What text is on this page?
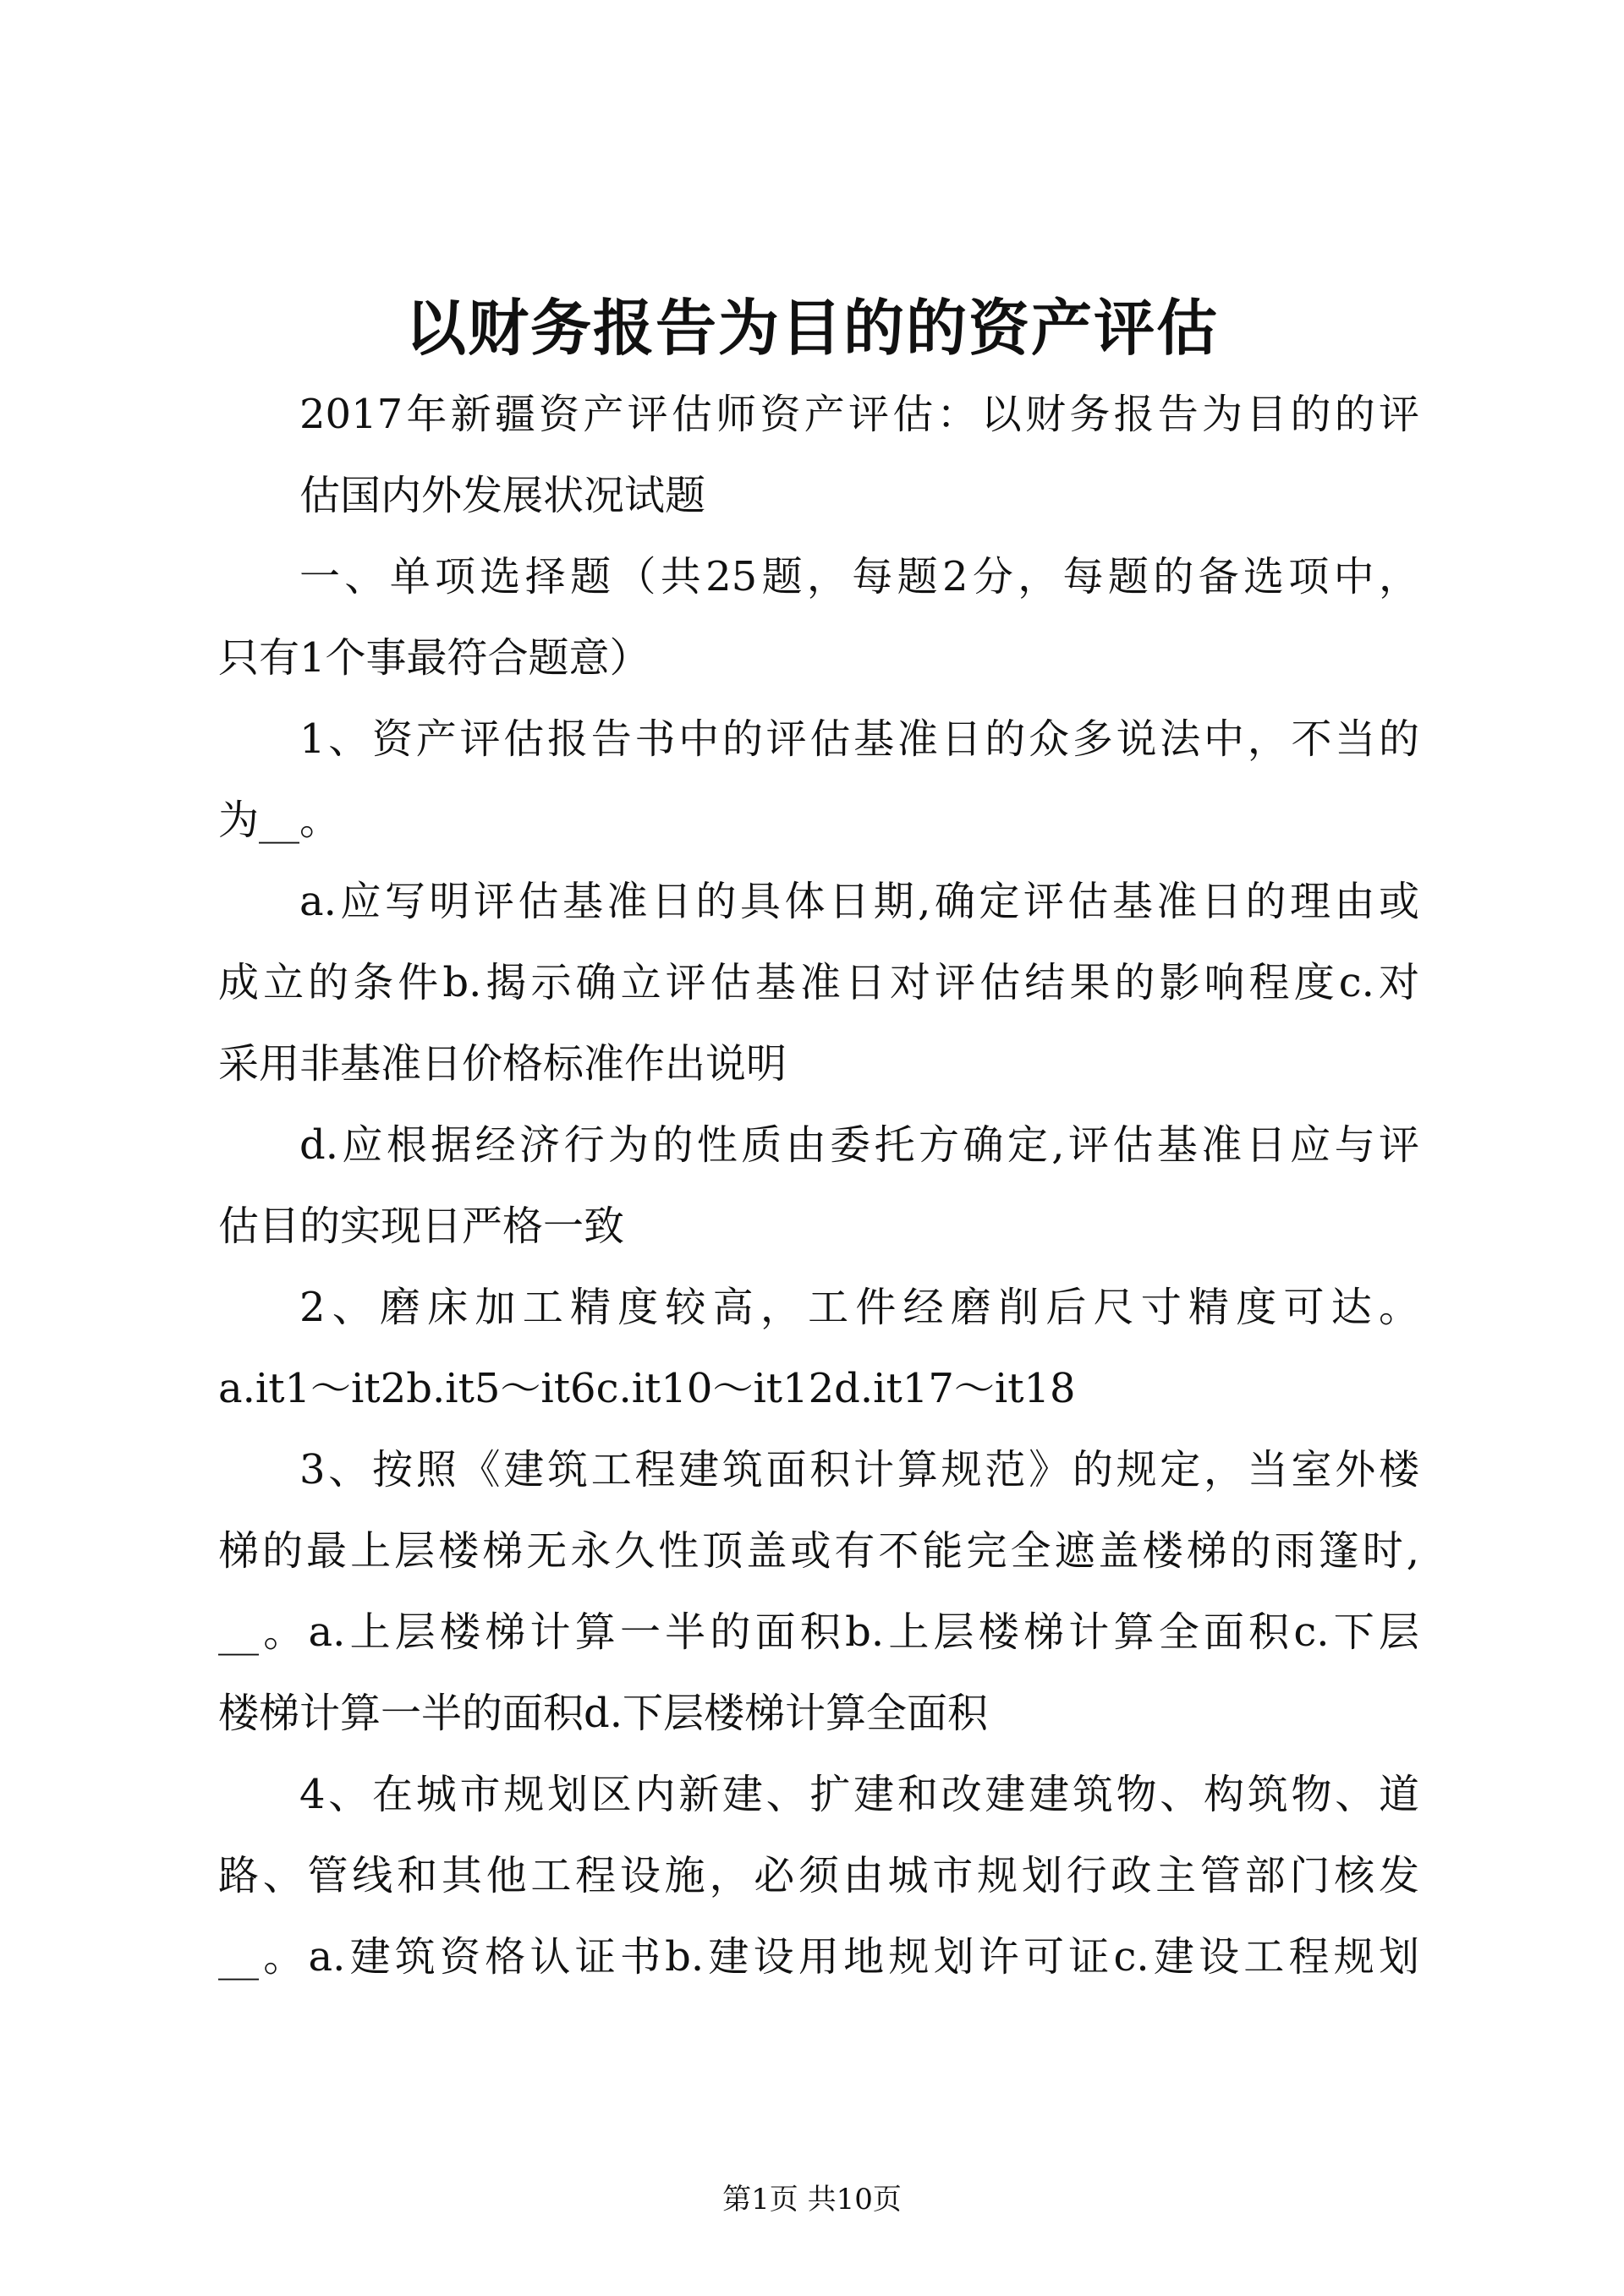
以财务报告为目的的资产评估
2017年新疆资产评估师资产评估：以财务报告为目的的评
估国内外发展状况试题
一、单项选择题（共25题，每题2分，每题的备选项中，
只有1个事最符合题意）
1、资产评估报告书中的评估基准日的众多说法中，不当的
为__。
a.应写明评估基准日的具体日期,确定评估基准日的理由或
成立的条件b.揭示确立评估基准日对评估结果的影响程度c.对
采用非基准日价格标准作出说明
d.应根据经济行为的性质由委托方确定,评估基准日应与评
估目的实现日严格一致
2、磨床加工精度较高，工件经磨削后尺寸精度可达。
a.it1～it2b.it5～it6c.it10～it12d.it17～it18
3、按照《建筑工程建筑面积计算规范》的规定，当室外楼
梯的最上层楼梯无永久性顶盖或有不能完全遮盖楼梯的雨篷时,
__。a.上层楼梯计算一半的面积b.上层楼梯计算全面积c.下层
楼梯计算一半的面积d.下层楼梯计算全面积
4、在城市规划区内新建、扩建和改建建筑物、构筑物、道
路、管线和其他工程设施，必须由城市规划行政主管部门核发
__。a.建筑资格认证书b.建设用地规划许可证c.建设工程规划
第1页 共10页
